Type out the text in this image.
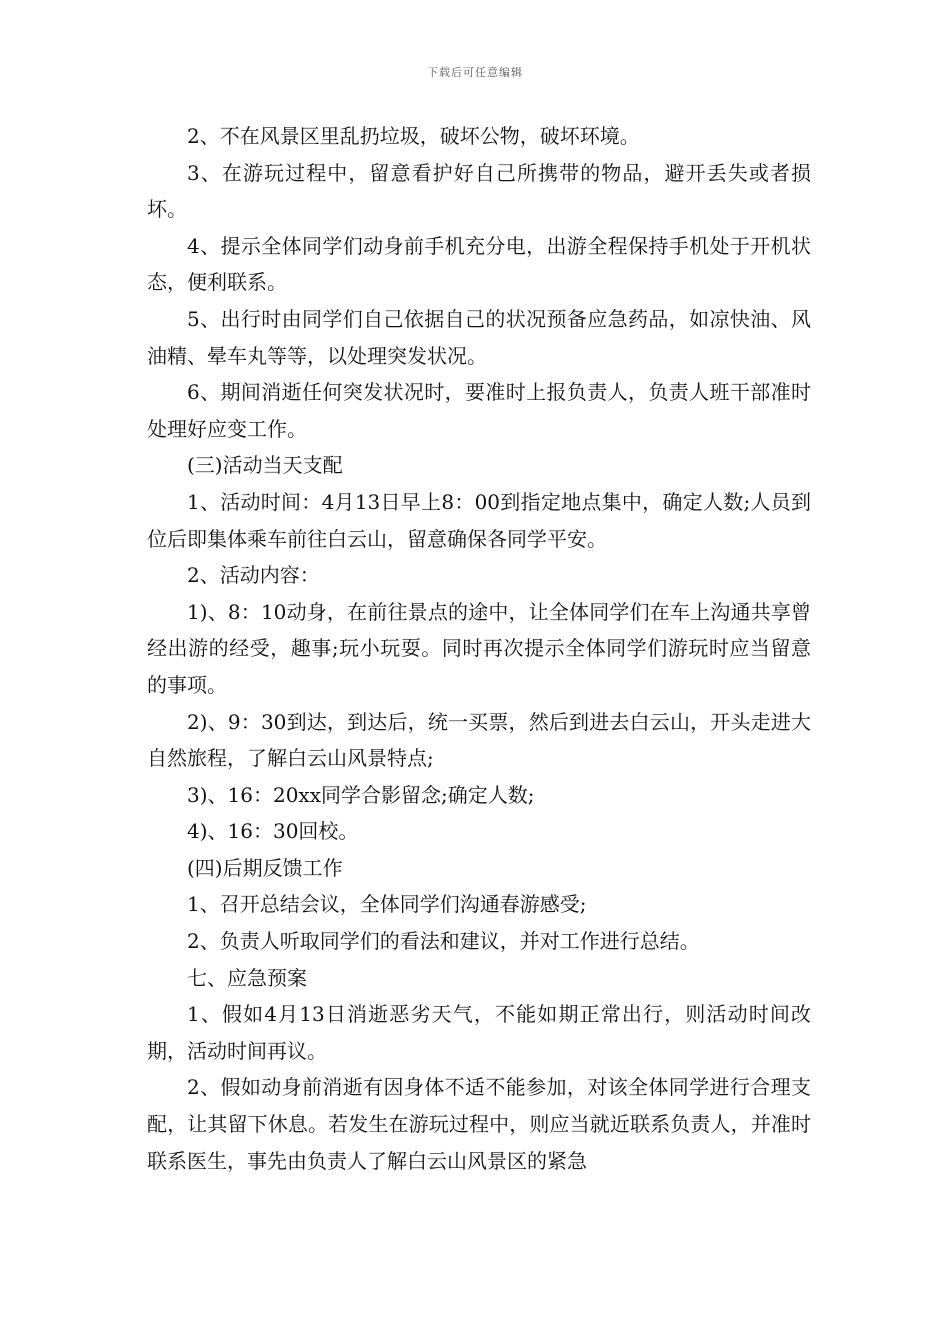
下载后可任意编辑

2、不在风景区里乱扔垃圾，破坏公物，破坏环境。

3、在游玩过程中，留意看护好自己所携带的物品，避开丢失或者损坏。

4、提示全体同学们动身前手机充分电，出游全程保持手机处于开机状态，便利联系。

5、出行时由同学们自己依据自己的状况预备应急药品，如凉快油、风油精、晕车丸等等，以处理突发状况。

6、期间消逝任何突发状况时，要准时上报负责人，负责人班干部准时处理好应变工作。

(三)活动当天支配

1、活动时间：4月13日早上8：00到指定地点集中，确定人数;人员到位后即集体乘车前往白云山，留意确保各同学平安。

2、活动内容：

1)、8：10动身，在前往景点的途中，让全体同学们在车上沟通共享曾经出游的经受，趣事;玩小玩耍。同时再次提示全体同学们游玩时应当留意的事项。

2)、9：30到达，到达后，统一买票，然后到进去白云山，开头走进大自然旅程，了解白云山风景特点;

3)、16：20xx同学合影留念;确定人数;

4)、16：30回校。

(四)后期反馈工作

1、召开总结会议，全体同学们沟通春游感受;

2、负责人听取同学们的看法和建议，并对工作进行总结。

七、应急预案

1、假如4月13日消逝恶劣天气，不能如期正常出行，则活动时间改期，活动时间再议。

2、假如动身前消逝有因身体不适不能参加，对该全体同学进行合理支配，让其留下休息。若发生在游玩过程中，则应当就近联系负责人，并准时联系医生，事先由负责人了解白云山风景区的紧急
